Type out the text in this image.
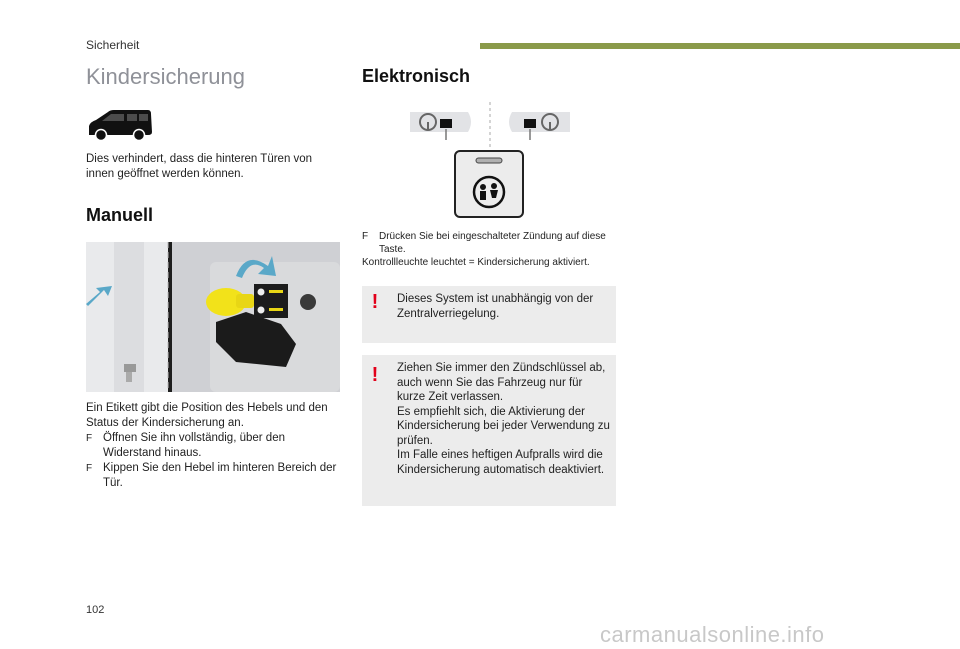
Sicherheit
Kindersicherung
Dies verhindert, dass die hinteren Türen von innen geöffnet werden können.
Manuell
Ein Etikett gibt die Position des Hebels und den Status der Kindersicherung an.
F Öffnen Sie ihn vollständig, über den Widerstand hinaus.
F Kippen Sie den Hebel im hinteren Bereich der Tür.
Elektronisch
F	Drücken Sie bei eingeschalteter Zündung auf diese Taste.
Kontrollleuchte leuchtet = Kindersicherung aktiviert.
! Dieses System ist unabhängig von der Zentralverriegelung.
! Ziehen Sie immer den Zündschlüssel ab, auch wenn Sie das Fahrzeug nur für kurze Zeit verlassen.
Es empfiehlt sich, die Aktivierung der Kindersicherung bei jeder Verwendung zu prüfen.
Im Falle eines heftigen Aufpralls wird die Kindersicherung automatisch deaktiviert.
102
carmanualsonline.info
